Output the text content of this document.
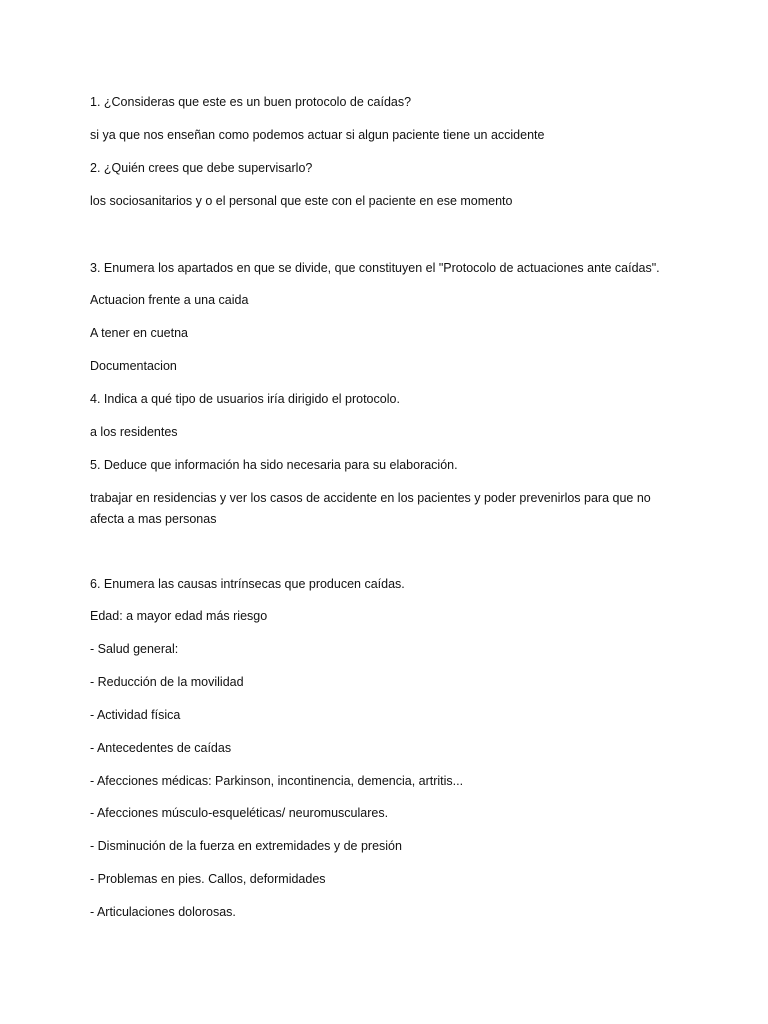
1. ¿Consideras que este es un buen protocolo de caídas?

si ya que nos enseñan como podemos actuar si algun paciente tiene un accidente

2. ¿Quién crees que debe supervisarlo?

los sociosanitarios y o el personal que este con el paciente en ese momento

3. Enumera los apartados en que se divide, que constituyen el "Protocolo de actuaciones ante caídas".

Actuacion frente a una caida

A tener en cuetna

Documentacion

4. Indica a qué tipo de usuarios iría dirigido el protocolo.

a los residentes

5. Deduce que información ha sido necesaria para su elaboración.

trabajar en residencias y ver los casos de accidente en los pacientes y poder prevenirlos para que no afecta a mas personas

6. Enumera las causas intrínsecas que producen caídas.

Edad: a mayor edad más riesgo

- Salud general:

- Reducción de la movilidad

- Actividad física

- Antecedentes de caídas

- Afecciones médicas: Parkinson, incontinencia, demencia, artritis...

- Afecciones músculo-esqueléticas/ neuromusculares.

- Disminución de la fuerza en extremidades y de presión

- Problemas en pies. Callos, deformidades

- Articulaciones dolorosas.
